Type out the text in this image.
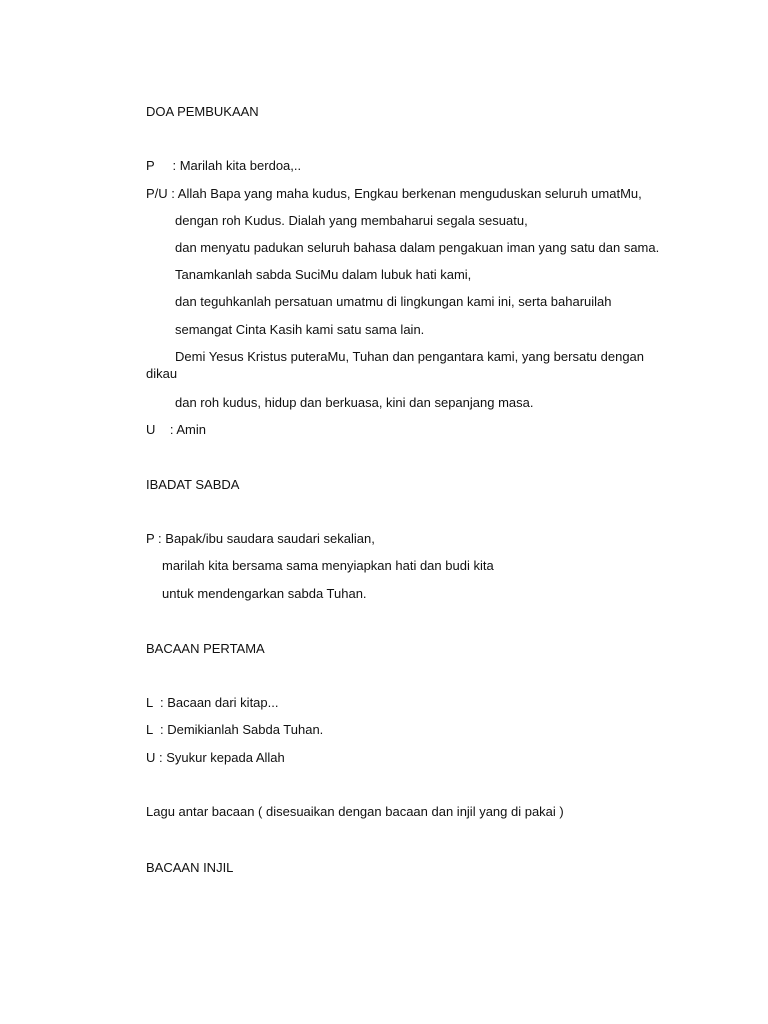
DOA PEMBUKAAN
P     : Marilah kita berdoa,..
P/U : Allah Bapa yang maha kudus, Engkau berkenan menguduskan seluruh umatMu,
dengan roh Kudus. Dialah yang membaharui segala sesuatu,
dan menyatu padukan seluruh bahasa dalam pengakuan iman yang satu dan sama.
Tanamkanlah sabda SuciMu dalam lubuk hati kami,
dan teguhkanlah persatuan umatmu di lingkungan kami ini, serta baharuilah
semangat Cinta Kasih kami satu sama lain.
Demi Yesus Kristus puteraMu, Tuhan dan pengantara kami, yang bersatu dengan
dikau
dan roh kudus, hidup dan berkuasa, kini dan sepanjang masa.
U    : Amin
IBADAT SABDA
P : Bapak/ibu saudara saudari sekalian,
marilah kita bersama sama menyiapkan hati dan budi kita
untuk mendengarkan sabda Tuhan.
BACAAN PERTAMA
L  : Bacaan dari kitap...
L  : Demikianlah Sabda Tuhan.
U : Syukur kepada Allah
Lagu antar bacaan ( disesuaikan dengan bacaan dan injil yang di pakai )
BACAAN INJIL
